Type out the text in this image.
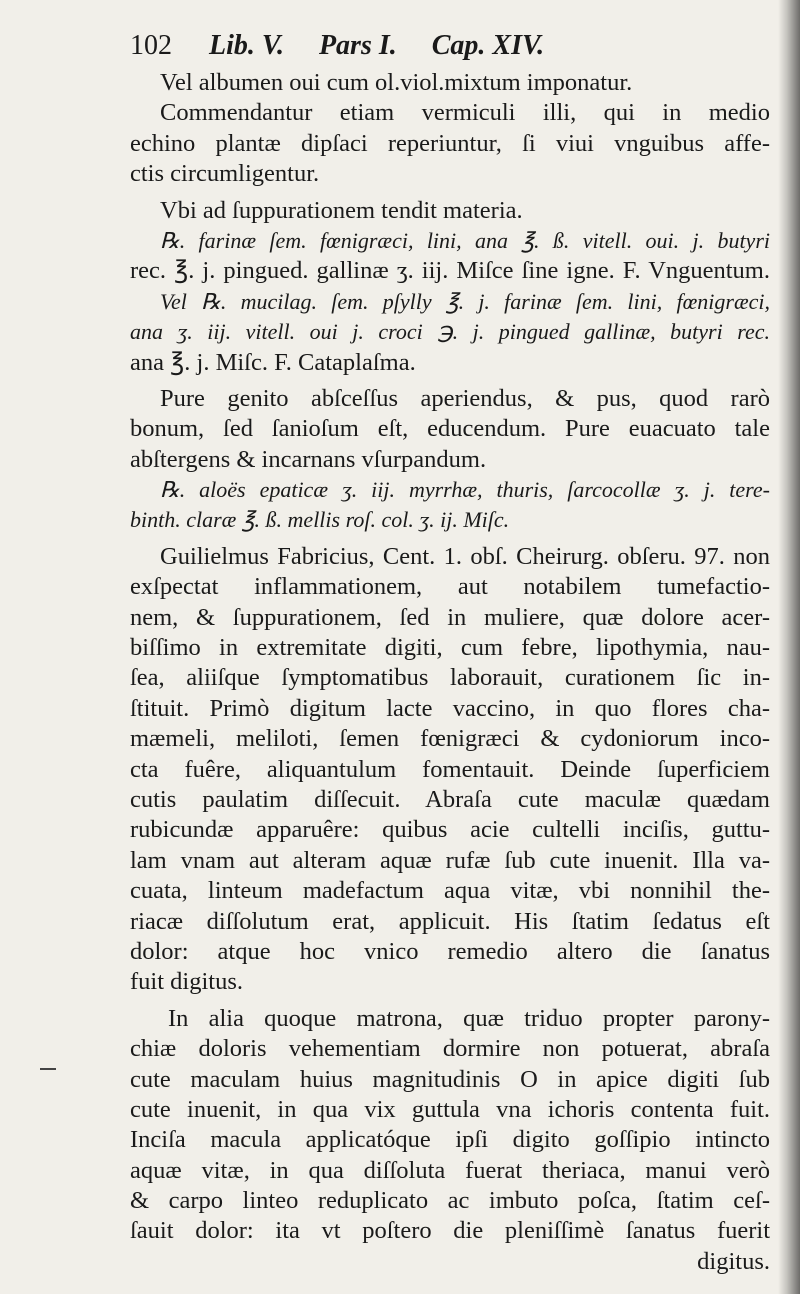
102 Lib. V. Pars I. Cap. XIV.
Vel albumen oui cum ol.viol.mixtum imponatur.
Commendantur etiam vermiculi illi, qui in medio
echino plantæ dipſaci reperiuntur, ſi viui vnguibus affe-
ctis circumligentur.
Vbi ad ſuppurationem tendit materia.
℞. farinæ ſem. fœnigræci, lini, ana ℥. ß. vitell. oui. j. butyri
rec. ℥. j. pingued. gallinæ ʒ. iij. Miſce ſine igne. F. Vnguentum.
Vel ℞. mucilag. ſem. pſylly ℥. j. farinæ ſem. lini, fœnigræci,
ana ʒ. iij. vitell. oui j. croci ℈. j. pingued gallinæ, butyri rec.
ana ℥. j. Miſc. F. Cataplaſma.
Pure genito abſceſſus aperiendus, & pus, quod rarò
bonum, ſed ſanioſum eſt, educendum. Pure euacuato tale
abſtergens & incarnans vſurpandum.
℞. aloës epaticæ ʒ. iij. myrrhæ, thuris, ſarcocollæ ʒ. j. tere-
binth. claræ ℥. ß. mellis roſ. col. ʒ. ij. Miſc.
Guilielmus Fabricius, Cent. 1. obſ. Cheirurg. obſeru. 97. non
exſpectat inflammationem, aut notabilem tumefactio-
nem, & ſuppurationem, ſed in muliere, quæ dolore acer-
biſſimo in extremitate digiti, cum febre, lipothymia, nau-
ſea, aliiſque ſymptomatibus laborauit, curationem ſic in-
ſtituit. Primò digitum lacte vaccino, in quo flores cha-
mæmeli, meliloti, ſemen fœnigræci & cydoniorum inco-
cta fuêre, aliquantulum fomentauit. Deinde ſuperficiem
cutis paulatim diſſecuit. Abraſa cute maculæ quædam
rubicundæ apparuêre: quibus acie cultelli inciſis, guttu-
lam vnam aut alteram aquæ rufæ ſub cute inuenit. Illa va-
cuata, linteum madefactum aqua vitæ, vbi nonnihil the-
riacæ diſſolutum erat, applicuit. His ſtatim ſedatus eſt
dolor: atque hoc vnico remedio altero die ſanatus
fuit digitus.
In alia quoque matrona, quæ triduo propter parony-
chiæ doloris vehementiam dormire non potuerat, abraſa
cute maculam huius magnitudinis O in apice digiti ſub
cute inuenit, in qua vix guttula vna ichoris contenta fuit.
Inciſa macula applicatóque ipſi digito goſſipio intincto
aquæ vitæ, in qua diſſoluta fuerat theriaca, manui verò
& carpo linteo reduplicato ac imbuto poſca, ſtatim ceſ-
ſauit dolor: ita vt poſtero die pleniſſimè ſanatus fuerit
digitus.
